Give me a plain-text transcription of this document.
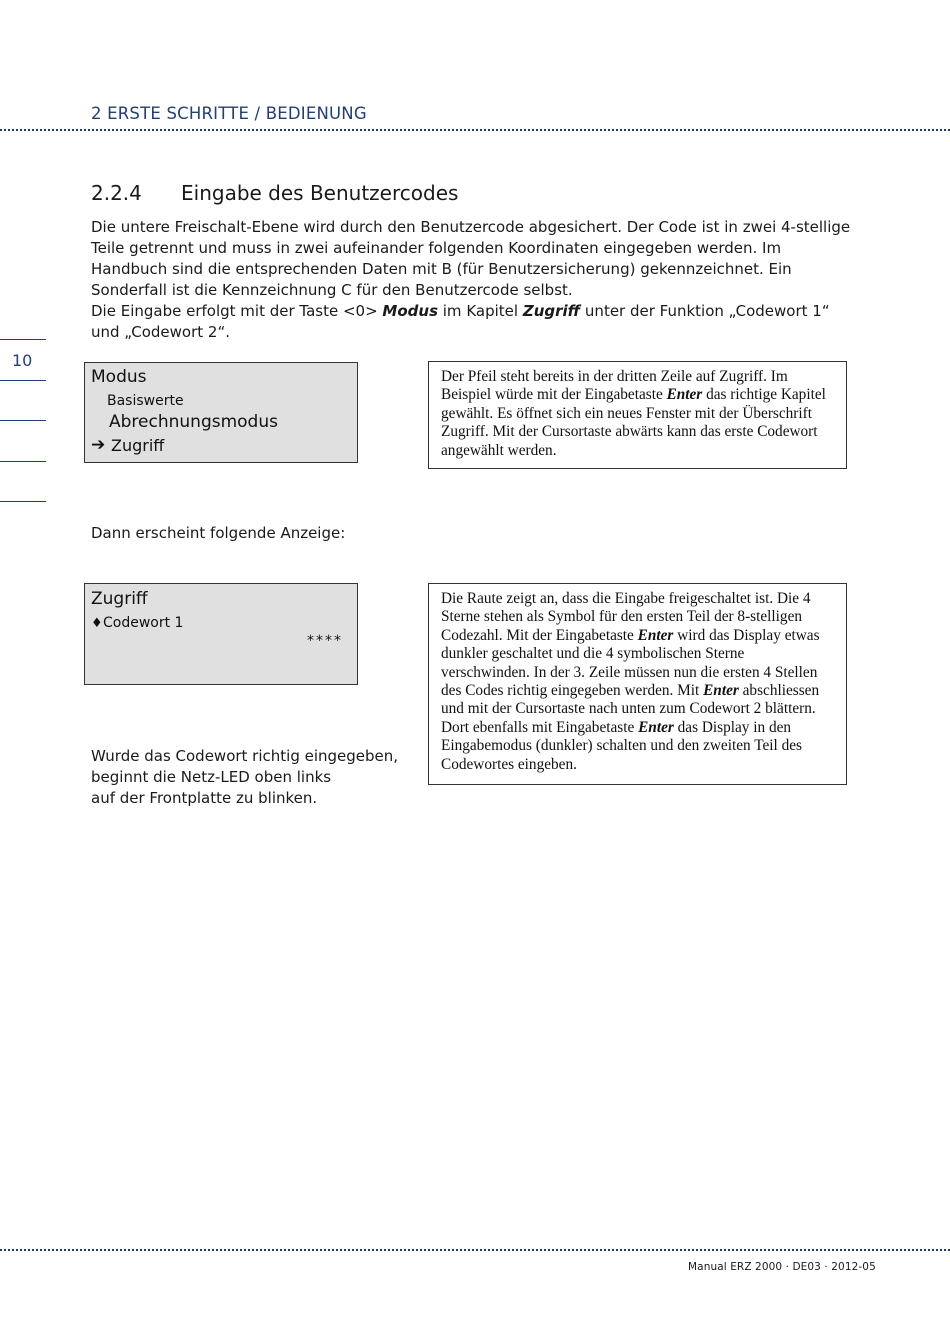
2 ERSTE SCHRITTE / BEDIENUNG
2.2.4 Eingabe des Benutzercodes

Die untere Freischalt-Ebene wird durch den Benutzercode abgesichert. Der Code ist in zwei 4-stellige Teile getrennt und muss in zwei aufeinander folgenden Koordinaten eingegeben werden. Im Handbuch sind die entsprechenden Daten mit B (für Benutzersicherung) gekennzeichnet. Ein Sonderfall ist die Kennzeichnung C für den Benutzercode selbst.

Die Eingabe erfolgt mit der Taste <0> Modus im Kapitel Zugriff unter der Funktion „Codewort 1“ und „Codewort 2“.

10
Modus
Basiswerte
Abrechnungsmodus
➔ Zugriff
Der Pfeil steht bereits in der dritten Zeile auf Zugriff. Im Beispiel würde mit der Eingabetaste Enter das richtige Kapitel gewählt. Es öffnet sich ein neues Fenster mit der Überschrift Zugriff. Mit der Cursortaste abwärts kann das erste Codewort angewählt werden.
Dann erscheint folgende Anzeige:
Zugriff
♦ Codewort 1
****
Die Raute zeigt an, dass die Eingabe freigeschaltet ist. Die 4 Sterne stehen als Symbol für den ersten Teil der 8-stelligen Codezahl. Mit der Eingabetaste Enter wird das Display etwas dunkler geschaltet und die 4 symbolischen Sterne verschwinden. In der 3. Zeile müssen nun die ersten 4 Stellen des Codes richtig eingegeben werden. Mit Enter abschliessen und mit der Cursortaste nach unten zum Codewort 2 blättern. Dort ebenfalls mit Eingabetaste Enter das Display in den Eingabemodus (dunkler) schalten und den zweiten Teil des Codewortes eingeben.
Wurde das Codewort richtig eingegeben,
beginnt die Netz-LED oben links
auf der Frontplatte zu blinken.
Manual ERZ 2000 · DE03 · 2012-05
